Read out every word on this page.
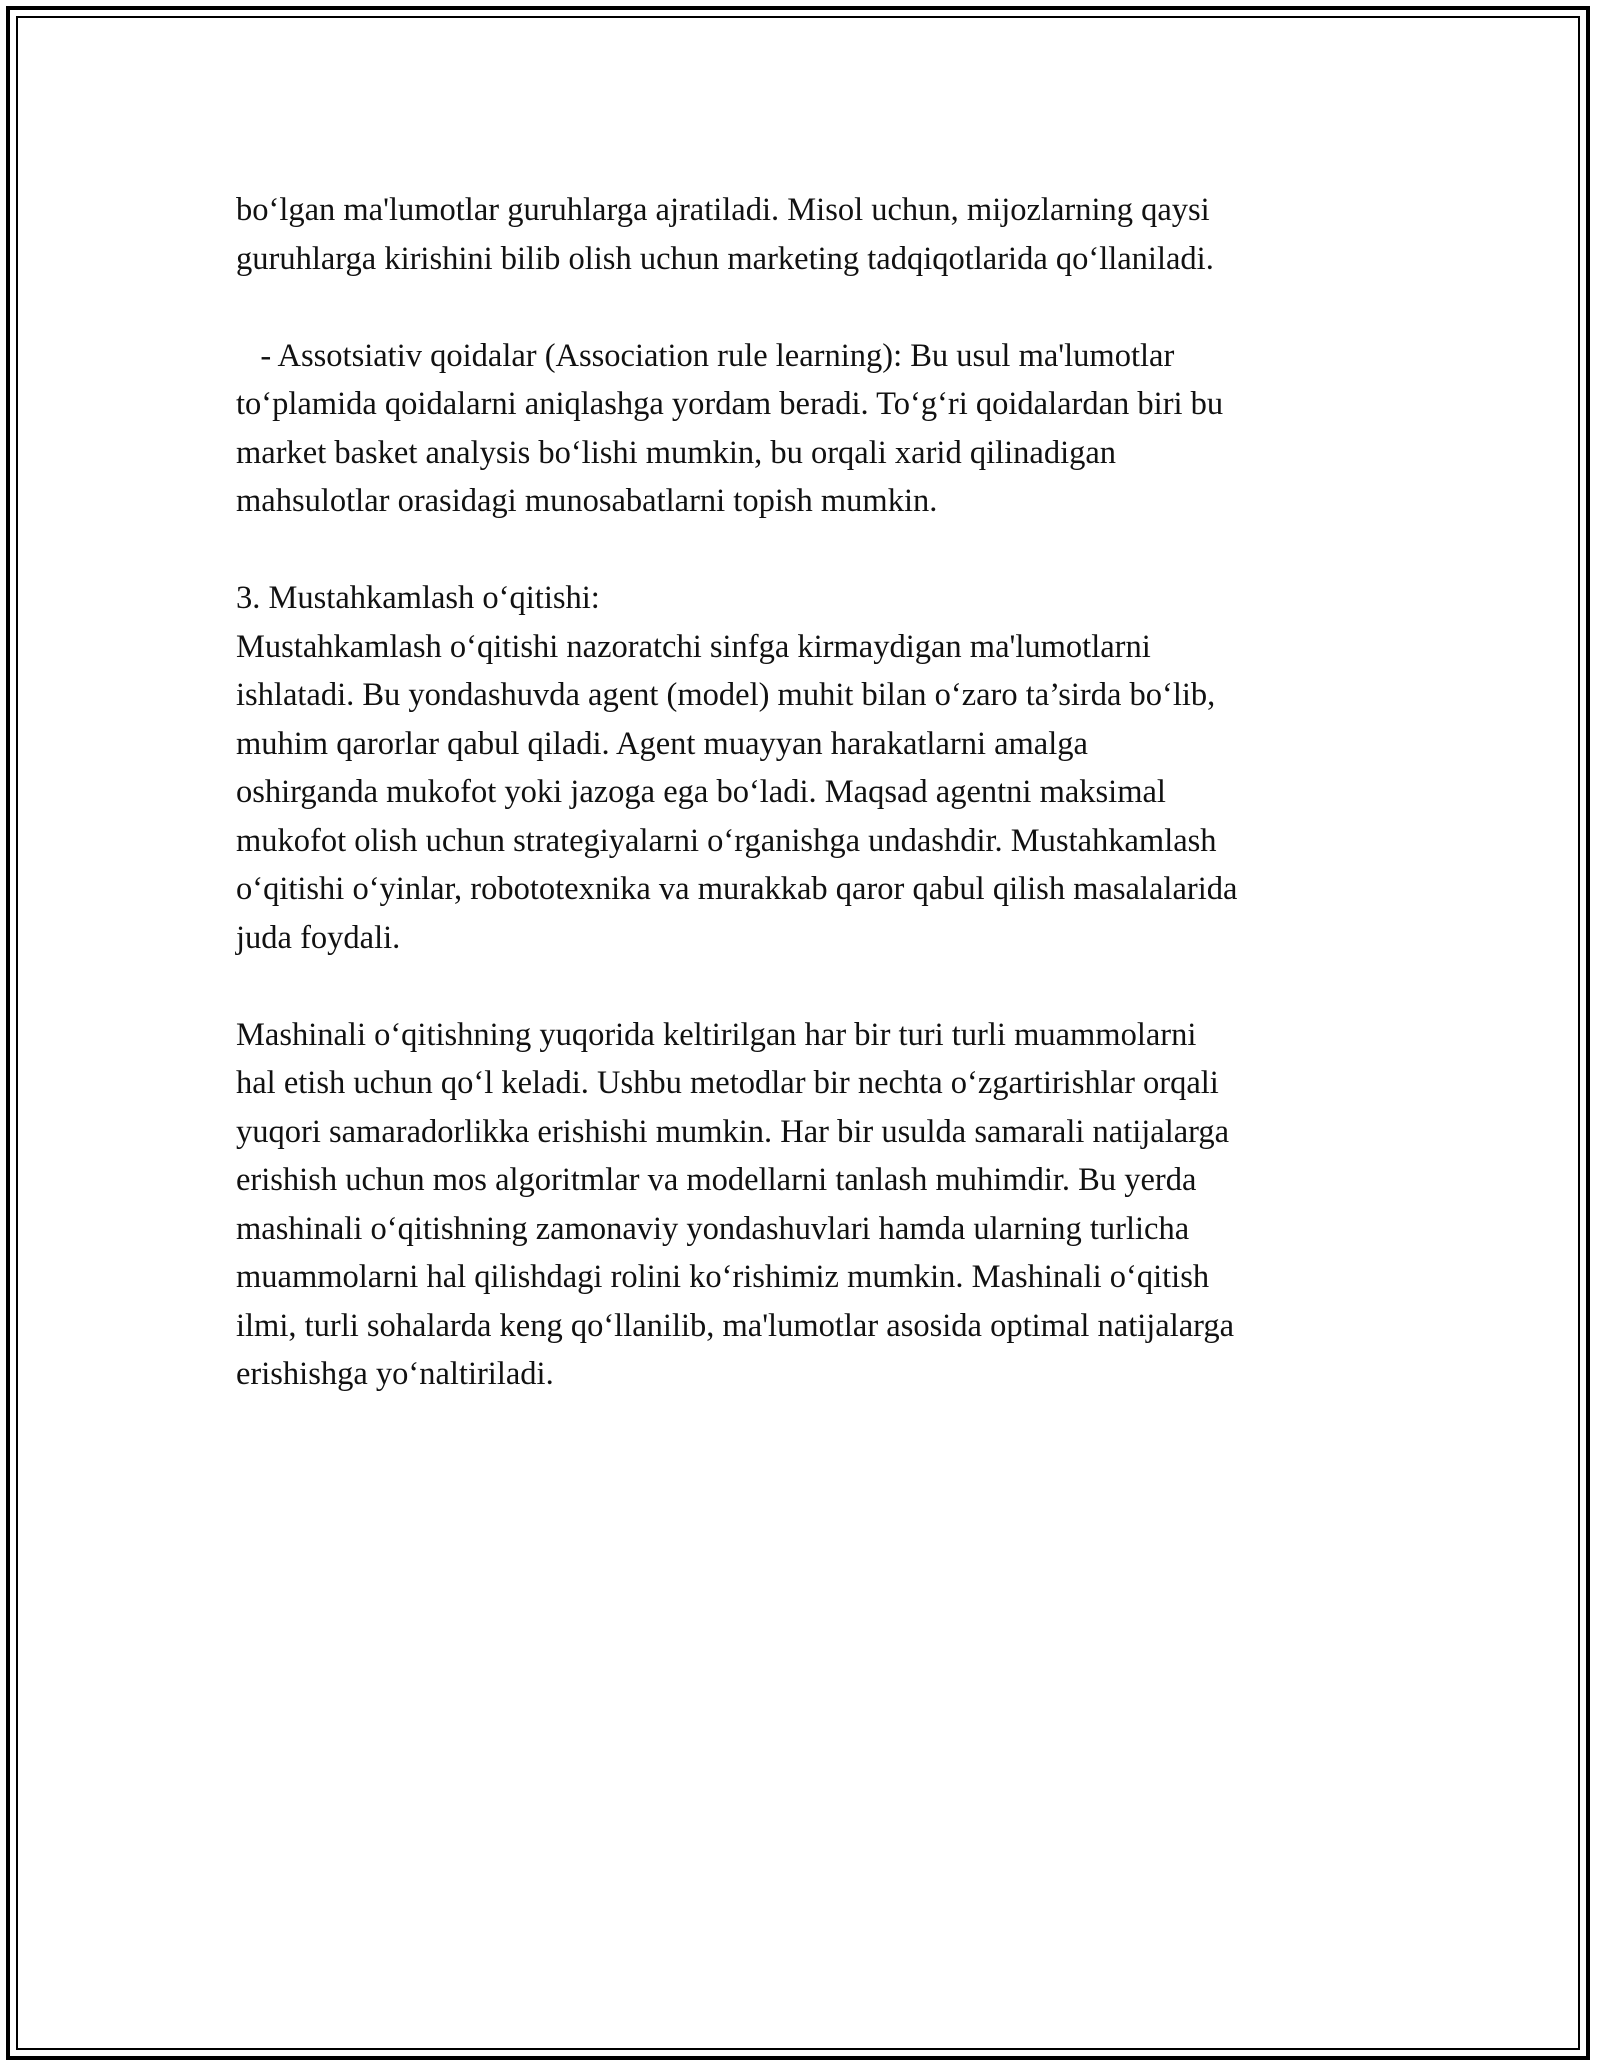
bo‘lgan ma'lumotlar guruhlarga ajratiladi. Misol uchun, mijozlarning qaysi
guruhlarga kirishini bilib olish uchun marketing tadqiqotlarida qo‘llaniladi.
- Assotsiativ qoidalar (Association rule learning): Bu usul ma'lumotlar
to‘plamida qoidalarni aniqlashga yordam beradi. To‘g‘ri qoidalardan biri bu
market basket analysis bo‘lishi mumkin, bu orqali xarid qilinadigan
mahsulotlar orasidagi munosabatlarni topish mumkin.
3. Mustahkamlash o‘qitishi:
Mustahkamlash o‘qitishi nazoratchi sinfga kirmaydigan ma'lumotlarni
ishlatadi. Bu yondashuvda agent (model) muhit bilan o‘zaro ta’sirda bo‘lib,
muhim qarorlar qabul qiladi. Agent muayyan harakatlarni amalga
oshirganda mukofot yoki jazoga ega bo‘ladi. Maqsad agentni maksimal
mukofot olish uchun strategiyalarni o‘rganishga undashdir. Mustahkamlash
o‘qitishi o‘yinlar, robototexnika va murakkab qaror qabul qilish masalalarida
juda foydali.
Mashinali o‘qitishning yuqorida keltirilgan har bir turi turli muammolarni
hal etish uchun qo‘l keladi. Ushbu metodlar bir nechta o‘zgartirishlar orqali
yuqori samaradorlikka erishishi mumkin. Har bir usulda samarali natijalarga
erishish uchun mos algoritmlar va modellarni tanlash muhimdir. Bu yerda
mashinali o‘qitishning zamonaviy yondashuvlari hamda ularning turlicha
muammolarni hal qilishdagi rolini ko‘rishimiz mumkin. Mashinali o‘qitish
ilmi, turli sohalarda keng qo‘llanilib, ma'lumotlar asosida optimal natijalarga
erishishga yo‘naltiriladi.
